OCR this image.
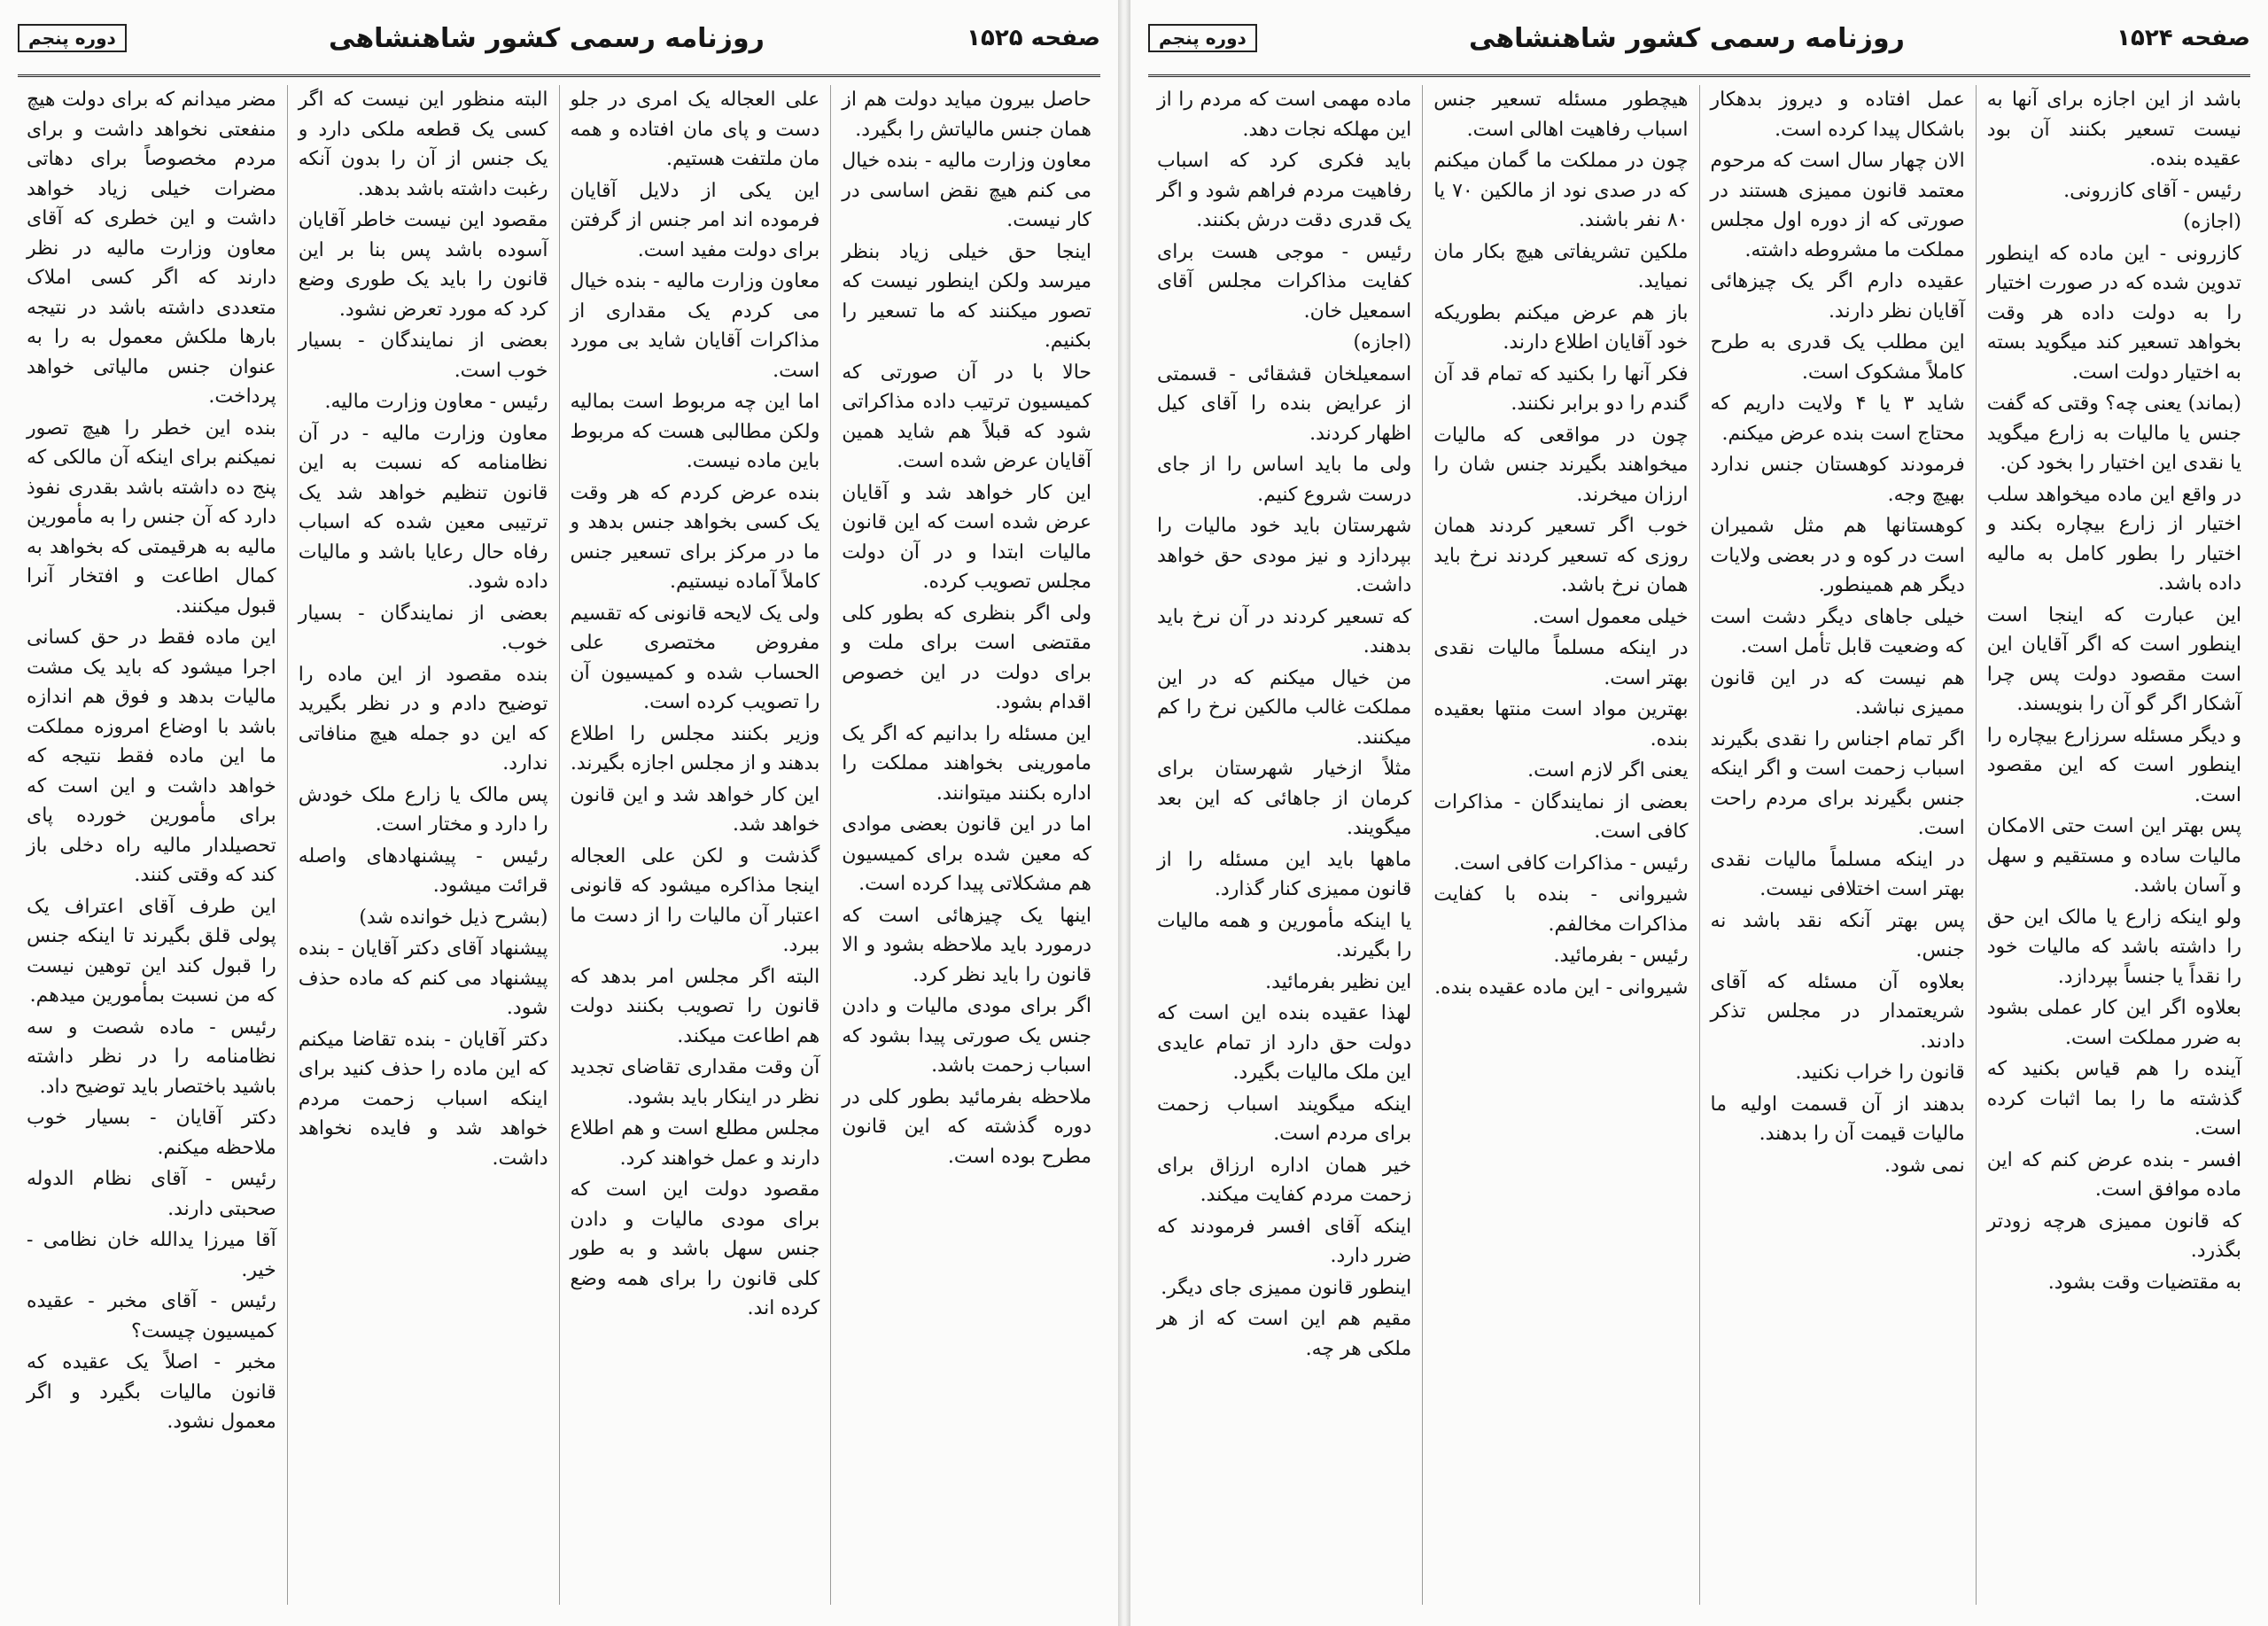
صفحه ۱۵۲۴
روزنامه رسمی کشور شاهنشاهی
دوره پنجم

باشد از این اجازه برای آنها به نیست تسعیر بکنند آن بود عقیده بنده.

رئیس - آقای کازرونی.

(اجازه)

کازرونی - این ماده که اینطور تدوین شده که در صورت اختیار را به دولت داده هر وقت بخواهد تسعیر کند میگوید بسته به اختیار دولت است.

(بماند) یعنی چه؟ وقتی که گفت جنس یا مالیات به زارع میگوید یا نقدی این اختیار را بخود کن.

در واقع این ماده میخواهد سلب اختیار از زارع بیچاره بکند و اختیار را بطور کامل به مالیه داده باشد.

این عبارت که اینجا است اینطور است که اگر آقایان این است مقصود دولت پس چرا آشکار اگر گو آن را بنویسند.

و دیگر مسئله سرزارع بیچاره را اینطور است که این مقصود است.

پس بهتر این است حتی الامکان مالیات ساده و مستقیم و سهل و آسان باشد.

ولو اینکه زارع یا مالک این حق را داشته باشد که مالیات خود را نقداً یا جنساً بپردازد.

بعلاوه اگر این کار عملی بشود به ضرر مملکت است.

آینده را هم قیاس بکنید که گذشته ما را بما اثبات کرده است.

افسر - بنده عرض کنم که این ماده موافق است.

که قانون ممیزی هرچه زودتر بگذرد.

به مقتضیات وقت بشود.

عمل افتاده و دیروز بدهکار باشکال پیدا کرده است.

الان چهار سال است که مرحوم معتمد قانون ممیزی هستند در صورتی که از دوره اول مجلس مملکت ما مشروطه داشته.

عقیده دارم اگر یک چیزهائی آقایان نظر دارند.

این مطلب یک قدری به طرح کاملاً مشکوک است.

شاید ۳ یا ۴ ولایت داریم که محتاج است بنده عرض میکنم.

فرمودند کوهستان جنس ندارد بهیچ وجه.

کوهستانها هم مثل شمیران است در کوه و در بعضی ولایات دیگر هم همینطور.

خیلی جاهای دیگر دشت است که وضعیت قابل تأمل است.

هم نیست که در این قانون ممیزی نباشد.

اگر تمام اجناس را نقدی بگیرند اسباب زحمت است و اگر اینکه جنس بگیرند برای مردم راحت است.

در اینکه مسلماً مالیات نقدی بهتر است اختلافی نیست.

پس بهتر آنکه نقد باشد نه جنس.

بعلاوه آن مسئله که آقای شریعتمدار در مجلس تذکر دادند.

قانون را خراب نکنید.

بدهند از آن قسمت اولیه ما مالیات قیمت آن را بدهند.

نمی شود.

هیچطور مسئله تسعیر جنس اسباب رفاهیت اهالی است.

چون در مملکت ما گمان میکنم که در صدی نود از مالکین ۷۰ یا ۸۰ نفر باشند.

ملکین تشریفاتی هیچ بکار مان نمیاید.

باز هم عرض میکنم بطوریکه خود آقایان اطلاع دارند.

فکر آنها را بکنید که تمام قد آن گندم را دو برابر نکنند.

چون در مواقعی که مالیات میخواهند بگیرند جنس شان را ارزان میخرند.

خوب اگر تسعیر کردند همان روزی که تسعیر کردند نرخ باید همان نرخ باشد.

خیلی معمول است.

در اینکه مسلماً مالیات نقدی بهتر است.

بهترین مواد است منتها بعقیده بنده.

یعنی اگر لازم است.

بعضی از نمایندگان - مذاکرات کافی است.

رئیس - مذاکرات کافی است.

شیروانی - بنده با کفایت مذاکرات مخالفم.

رئیس - بفرمائید.

شیروانی - این ماده عقیده بنده.

ماده مهمی است که مردم را از این مهلکه نجات دهد.

باید فکری کرد که اسباب رفاهیت مردم فراهم شود و اگر یک قدری دقت درش بکنند.

رئیس - موجی هست برای کفایت مذاکرات مجلس آقای اسمعیل خان.

(اجازه)

اسمعیلخان قشقائی - قسمتی از عرایض بنده را آقای کیل اظهار کردند.

ولی ما باید اساس را از جای درست شروع کنیم.

شهرستان باید خود مالیات را بپردازد و نیز مودی حق خواهد داشت.

که تسعیر کردند در آن نرخ باید بدهند.

من خیال میکنم که در این مملکت غالب مالکین نرخ را کم میکنند.

مثلاً ازخیار شهرستان برای کرمان از جاهائی که این بعد میگویند.

ماهها باید این مسئله را از قانون ممیزی کنار گذارد.

یا اینکه مأمورین و همه مالیات را بگیرند.

این نظیر بفرمائید.

لهذا عقیده بنده این است که دولت حق دارد از تمام عایدی این ملک مالیات بگیرد.

اینکه میگویند اسباب زحمت برای مردم است.

خیر همان اداره ارزاق برای زحمت مردم کفایت میکند.

اینکه آقای افسر فرمودند که ضرر دارد.

اینطور قانون ممیزی جای دیگر.

مقیم هم این است که از هر ملکی هر چه.

صفحه ۱۵۲۵
روزنامه رسمی کشور شاهنشاهی
دوره پنجم

حاصل بیرون میاید دولت هم از همان جنس مالیاتش را بگیرد.

معاون وزارت مالیه - بنده خیال می کنم هیچ نقض اساسی در کار نیست.

اینجا حق خیلی زیاد بنظر میرسد ولکن اینطور نیست که تصور میکنند که ما تسعیر را بکنیم.

حالا با در آن صورتی که کمیسیون ترتیب داده مذاکراتی شود که قبلاً هم شاید همین آقایان عرض شده است.

این کار خواهد شد و آقایان عرض شده است که این قانون مالیات ابتدا و در آن دولت مجلس تصویب کرده.

ولی اگر بنظری که بطور کلی مقتضی است برای ملت و برای دولت در این خصوص اقدام بشود.

این مسئله را بدانیم که اگر یک مامورینی بخواهند مملکت را اداره بکنند میتوانند.

اما در این قانون بعضی موادی که معین شده برای کمیسیون هم مشکلاتی پیدا کرده است.

اینها یک چیزهائی است که درمورد باید ملاحظه بشود و الا قانون را باید نظر کرد.

اگر برای مودی مالیات و دادن جنس یک صورتی پیدا بشود که اسباب زحمت باشد.

ملاحظه بفرمائید بطور کلی در دوره گذشته که این قانون مطرح بوده است.

علی العجاله یک امری در جلو دست و پای مان افتاده و همه مان ملتفت هستیم.

این یکی از دلایل آقایان فرموده اند امر جنس از گرفتن برای دولت مفید است.

معاون وزارت مالیه - بنده خیال می کردم یک مقداری از مذاکرات آقایان شاید بی مورد است.

اما این چه مربوط است بمالیه ولکن مطالبی هست که مربوط باین ماده نیست.

بنده عرض کردم که هر وقت یک کسی بخواهد جنس بدهد و ما در مرکز برای تسعیر جنس کاملاً آماده نیستیم.

ولی یک لایحه قانونی که تقسیم مفروض مختصری علی الحساب شده و کمیسیون آن را تصویب کرده است.

وزیر بکنند مجلس را اطلاع بدهند و از مجلس اجازه بگیرند.

این کار خواهد شد و این قانون خواهد شد.

گذشت و لکن علی العجاله اینجا مذاکره میشود که قانونی اعتبار آن مالیات را از دست ما ببرد.

البته اگر مجلس امر بدهد که قانون را تصویب بکنند دولت هم اطاعت میکند.

آن وقت مقداری تقاضای تجدید نظر در اینکار باید بشود.

مجلس مطلع است و هم اطلاع دارند و عمل خواهند کرد.

مقصود دولت این است که برای مودی مالیات و دادن جنس سهل باشد و به طور کلی قانون را برای همه وضع کرده اند.

البته منظور این نیست که اگر کسی یک قطعه ملکی دارد و یک جنس از آن را بدون آنکه رغبت داشته باشد بدهد.

مقصود این نیست خاطر آقایان آسوده باشد پس بنا بر این قانون را باید یک طوری وضع کرد که مورد تعرض نشود.

بعضی از نمایندگان - بسیار خوب است.

رئیس - معاون وزارت مالیه.

معاون وزارت مالیه - در آن نظامنامه که نسبت به این قانون تنظیم خواهد شد یک ترتیبی معین شده که اسباب رفاه حال رعایا باشد و مالیات داده شود.

بعضی از نمایندگان - بسیار خوب.

بنده مقصود از این ماده را توضیح دادم و در نظر بگیرید که این دو جمله هیچ منافاتی ندارد.

پس مالک یا زارع ملک خودش را دارد و مختار است.

رئیس - پیشنهادهای واصله قرائت میشود.

(بشرح ذیل خوانده شد)

پیشنهاد آقای دکتر آقایان - بنده پیشنهاد می کنم که ماده حذف شود.

دکتر آقایان - بنده تقاضا میکنم که این ماده را حذف کنید برای اینکه اسباب زحمت مردم خواهد شد و فایده نخواهد داشت.

مضر میدانم که برای دولت هیچ منفعتی نخواهد داشت و برای مردم مخصوصاً برای دهاتی مضرات خیلی زیاد خواهد داشت و این خطری که آقای معاون وزارت مالیه در نظر دارند که اگر کسی املاک متعددی داشته باشد در نتیجه بارها ملکش معمول به را به عنوان جنس مالیاتی خواهد پرداخت.

بنده این خطر را هیچ تصور نمیکنم برای اینکه آن مالکی که پنج ده داشته باشد بقدری نفوذ دارد که آن جنس را به مأمورین مالیه به هرقیمتی که بخواهد به کمال اطاعت و افتخار آنرا قبول میکنند.

این ماده فقط در حق کسانی اجرا میشود که باید یک مشت مالیات بدهد و فوق هم اندازه باشد با اوضاع امروزه مملکت ما این ماده فقط نتیجه که خواهد داشت و این است که برای مأمورین خورده پای تحصیلدار مالیه راه دخلی باز کند که وقتی کنند.

این طرف آقای اعتراف یک پولی قلق بگیرند تا اینکه جنس را قبول کند این توهین نیست که من نسبت بمأمورین میدهم.

رئیس - ماده شصت و سه نظامنامه را در نظر داشته باشید باختصار باید توضیح داد.

دکتر آقایان - بسیار خوب ملاحظه میکنم.

رئیس - آقای نظام الدوله صحبتی دارند.

آقا میرزا یدالله خان نظامی - خیر.

رئیس - آقای مخبر - عقیده کمیسیون چیست؟

مخبر - اصلاً یک عقیده که قانون مالیات بگیرد و اگر معمول نشود.
